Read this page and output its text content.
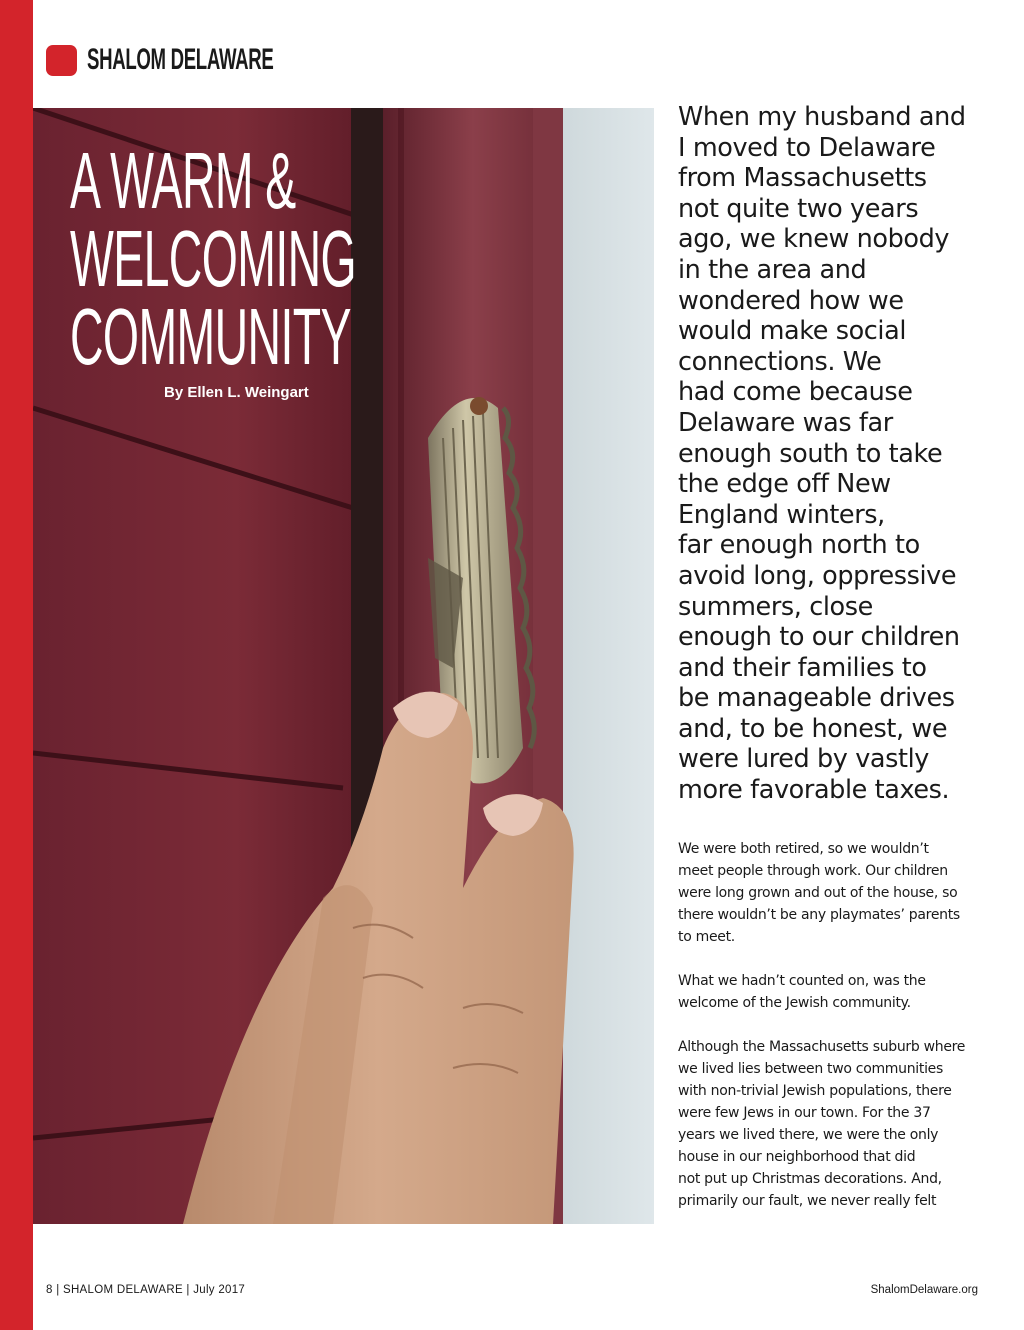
SHALOM DELAWARE
A WARM &
WELCOMING
COMMUNITY
By Ellen L. Weingart

When my husband and
I moved to Delaware
from Massachusetts
not quite two years
ago, we knew nobody
in the area and
wondered how we
would make social
connections. We
had come because
Delaware was far
enough south to take
the edge off New
England winters,
far enough north to
avoid long, oppressive
summers, close
enough to our children
and their families to
be manageable drives
and, to be honest, we
were lured by vastly
more favorable taxes.

We were both retired, so we wouldn’t
meet people through work. Our children
were long grown and out of the house, so
there wouldn’t be any playmates’ parents
to meet.

What we hadn’t counted on, was the
welcome of the Jewish community.

Although the Massachusetts suburb where
we lived lies between two communities
with non-trivial Jewish populations, there
were few Jews in our town. For the 37
years we lived there, we were the only
house in our neighborhood that did
not put up Christmas decorations. And,
primarily our fault, we never really felt

8 | SHALOM DELAWARE | July 2017	ShalomDelaware.org
